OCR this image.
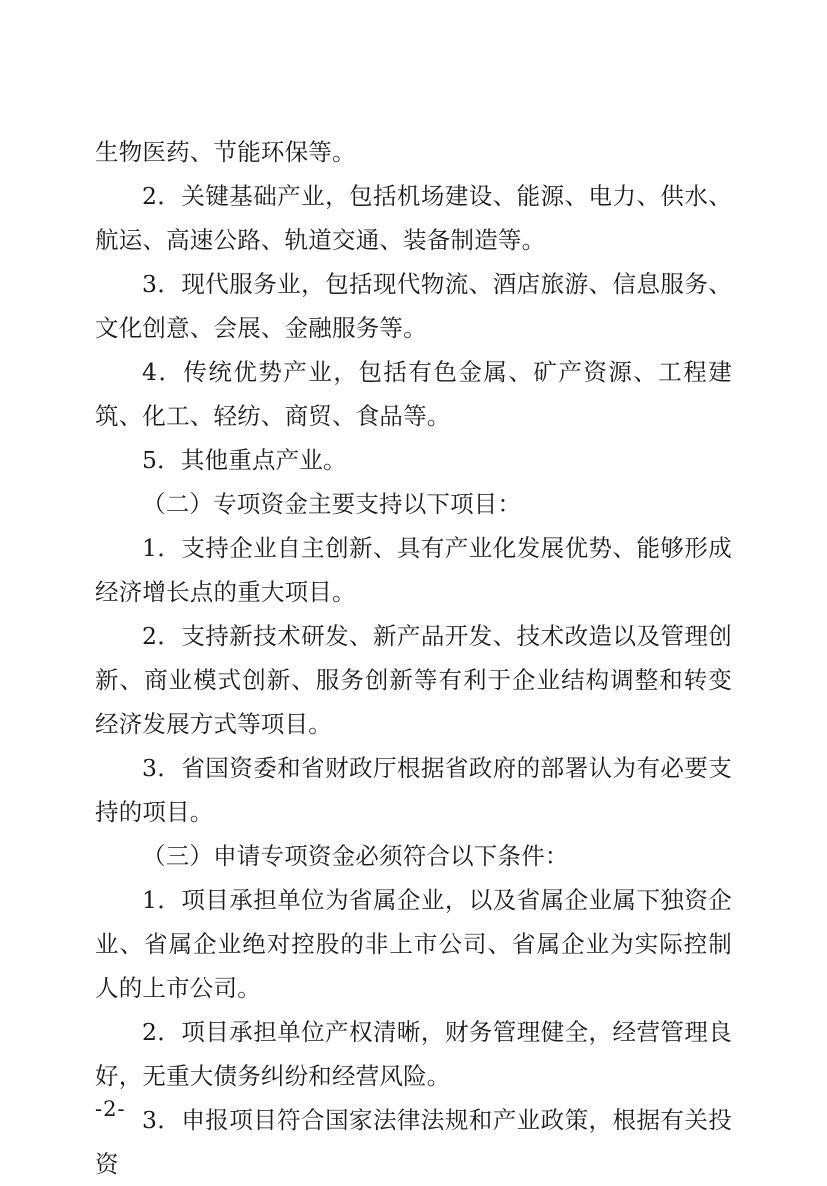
生物医药、节能环保等。

2．关键基础产业，包括机场建设、能源、电力、供水、航运、高速公路、轨道交通、装备制造等。

3．现代服务业，包括现代物流、酒店旅游、信息服务、文化创意、会展、金融服务等。

4．传统优势产业，包括有色金属、矿产资源、工程建筑、化工、轻纺、商贸、食品等。

5．其他重点产业。

（二）专项资金主要支持以下项目：

1．支持企业自主创新、具有产业化发展优势、能够形成经济增长点的重大项目。

2．支持新技术研发、新产品开发、技术改造以及管理创新、商业模式创新、服务创新等有利于企业结构调整和转变经济发展方式等项目。

3．省国资委和省财政厅根据省政府的部署认为有必要支持的项目。

（三）申请专项资金必须符合以下条件：

1．项目承担单位为省属企业，以及省属企业属下独资企业、省属企业绝对控股的非上市公司、省属企业为实际控制人的上市公司。

2．项目承担单位产权清晰，财务管理健全，经营管理良好，无重大债务纠纷和经营风险。

3．申报项目符合国家法律法规和产业政策，根据有关投资

-2-
